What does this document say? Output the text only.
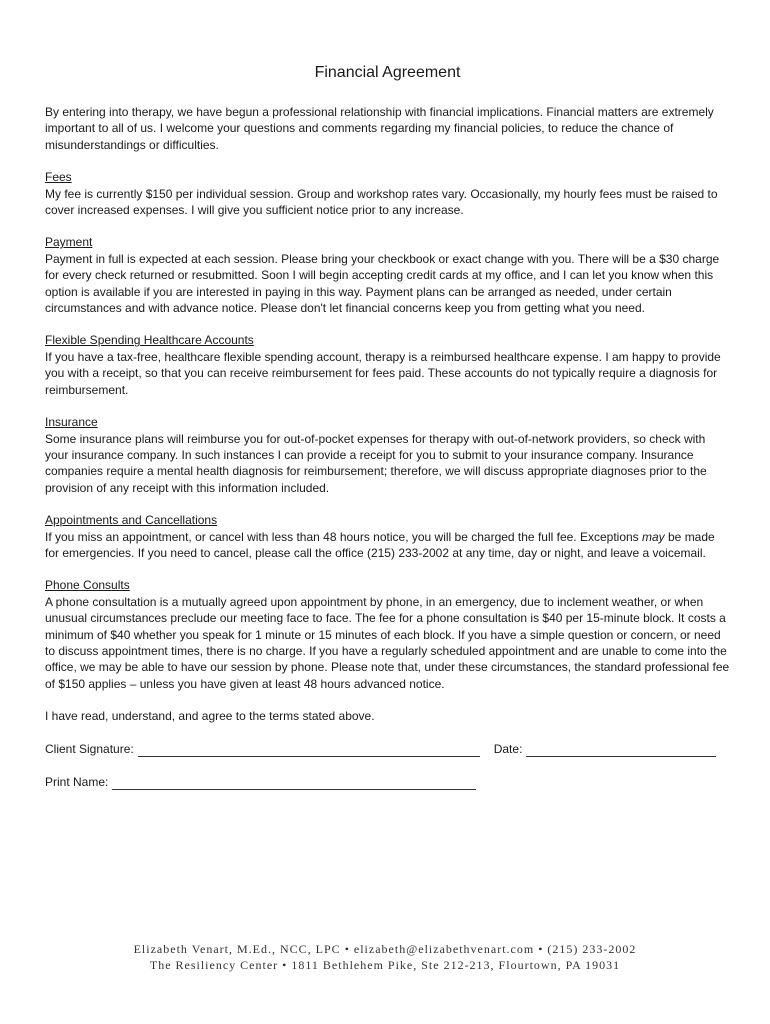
Financial Agreement

By entering into therapy, we have begun a professional relationship with financial implications. Financial matters are extremely important to all of us. I welcome your questions and comments regarding my financial policies, to reduce the chance of misunderstandings or difficulties.

Fees
My fee is currently $150 per individual session. Group and workshop rates vary. Occasionally, my hourly fees must be raised to cover increased expenses. I will give you sufficient notice prior to any increase.
Payment
Payment in full is expected at each session. Please bring your checkbook or exact change with you. There will be a $30 charge for every check returned or resubmitted. Soon I will begin accepting credit cards at my office, and I can let you know when this option is available if you are interested in paying in this way. Payment plans can be arranged as needed, under certain circumstances and with advance notice. Please don't let financial concerns keep you from getting what you need.
Flexible Spending Healthcare Accounts
If you have a tax-free, healthcare flexible spending account, therapy is a reimbursed healthcare expense. I am happy to provide you with a receipt, so that you can receive reimbursement for fees paid. These accounts do not typically require a diagnosis for reimbursement.
Insurance
Some insurance plans will reimburse you for out-of-pocket expenses for therapy with out-of-network providers, so check with your insurance company. In such instances I can provide a receipt for you to submit to your insurance company. Insurance companies require a mental health diagnosis for reimbursement; therefore, we will discuss appropriate diagnoses prior to the provision of any receipt with this information included.
Appointments and Cancellations
If you miss an appointment, or cancel with less than 48 hours notice, you will be charged the full fee. Exceptions may be made for emergencies. If you need to cancel, please call the office (215) 233-2002 at any time, day or night, and leave a voicemail.
Phone Consults
A phone consultation is a mutually agreed upon appointment by phone, in an emergency, due to inclement weather, or when unusual circumstances preclude our meeting face to face. The fee for a phone consultation is $40 per 15-minute block. It costs a minimum of $40 whether you speak for 1 minute or 15 minutes of each block. If you have a simple question or concern, or need to discuss appointment times, there is no charge. If you have a regularly scheduled appointment and are unable to come into the office, we may be able to have our session by phone. Please note that, under these circumstances, the standard professional fee of $150 applies – unless you have given at least 48 hours advanced notice.

I have read, understand, and agree to the terms stated above.

Client Signature:	Date:
Print Name:
Elizabeth Venart, M.Ed., NCC, LPC • elizabeth@elizabethvenart.com • (215) 233-2002
The Resiliency Center • 1811 Bethlehem Pike, Ste 212-213, Flourtown, PA 19031
